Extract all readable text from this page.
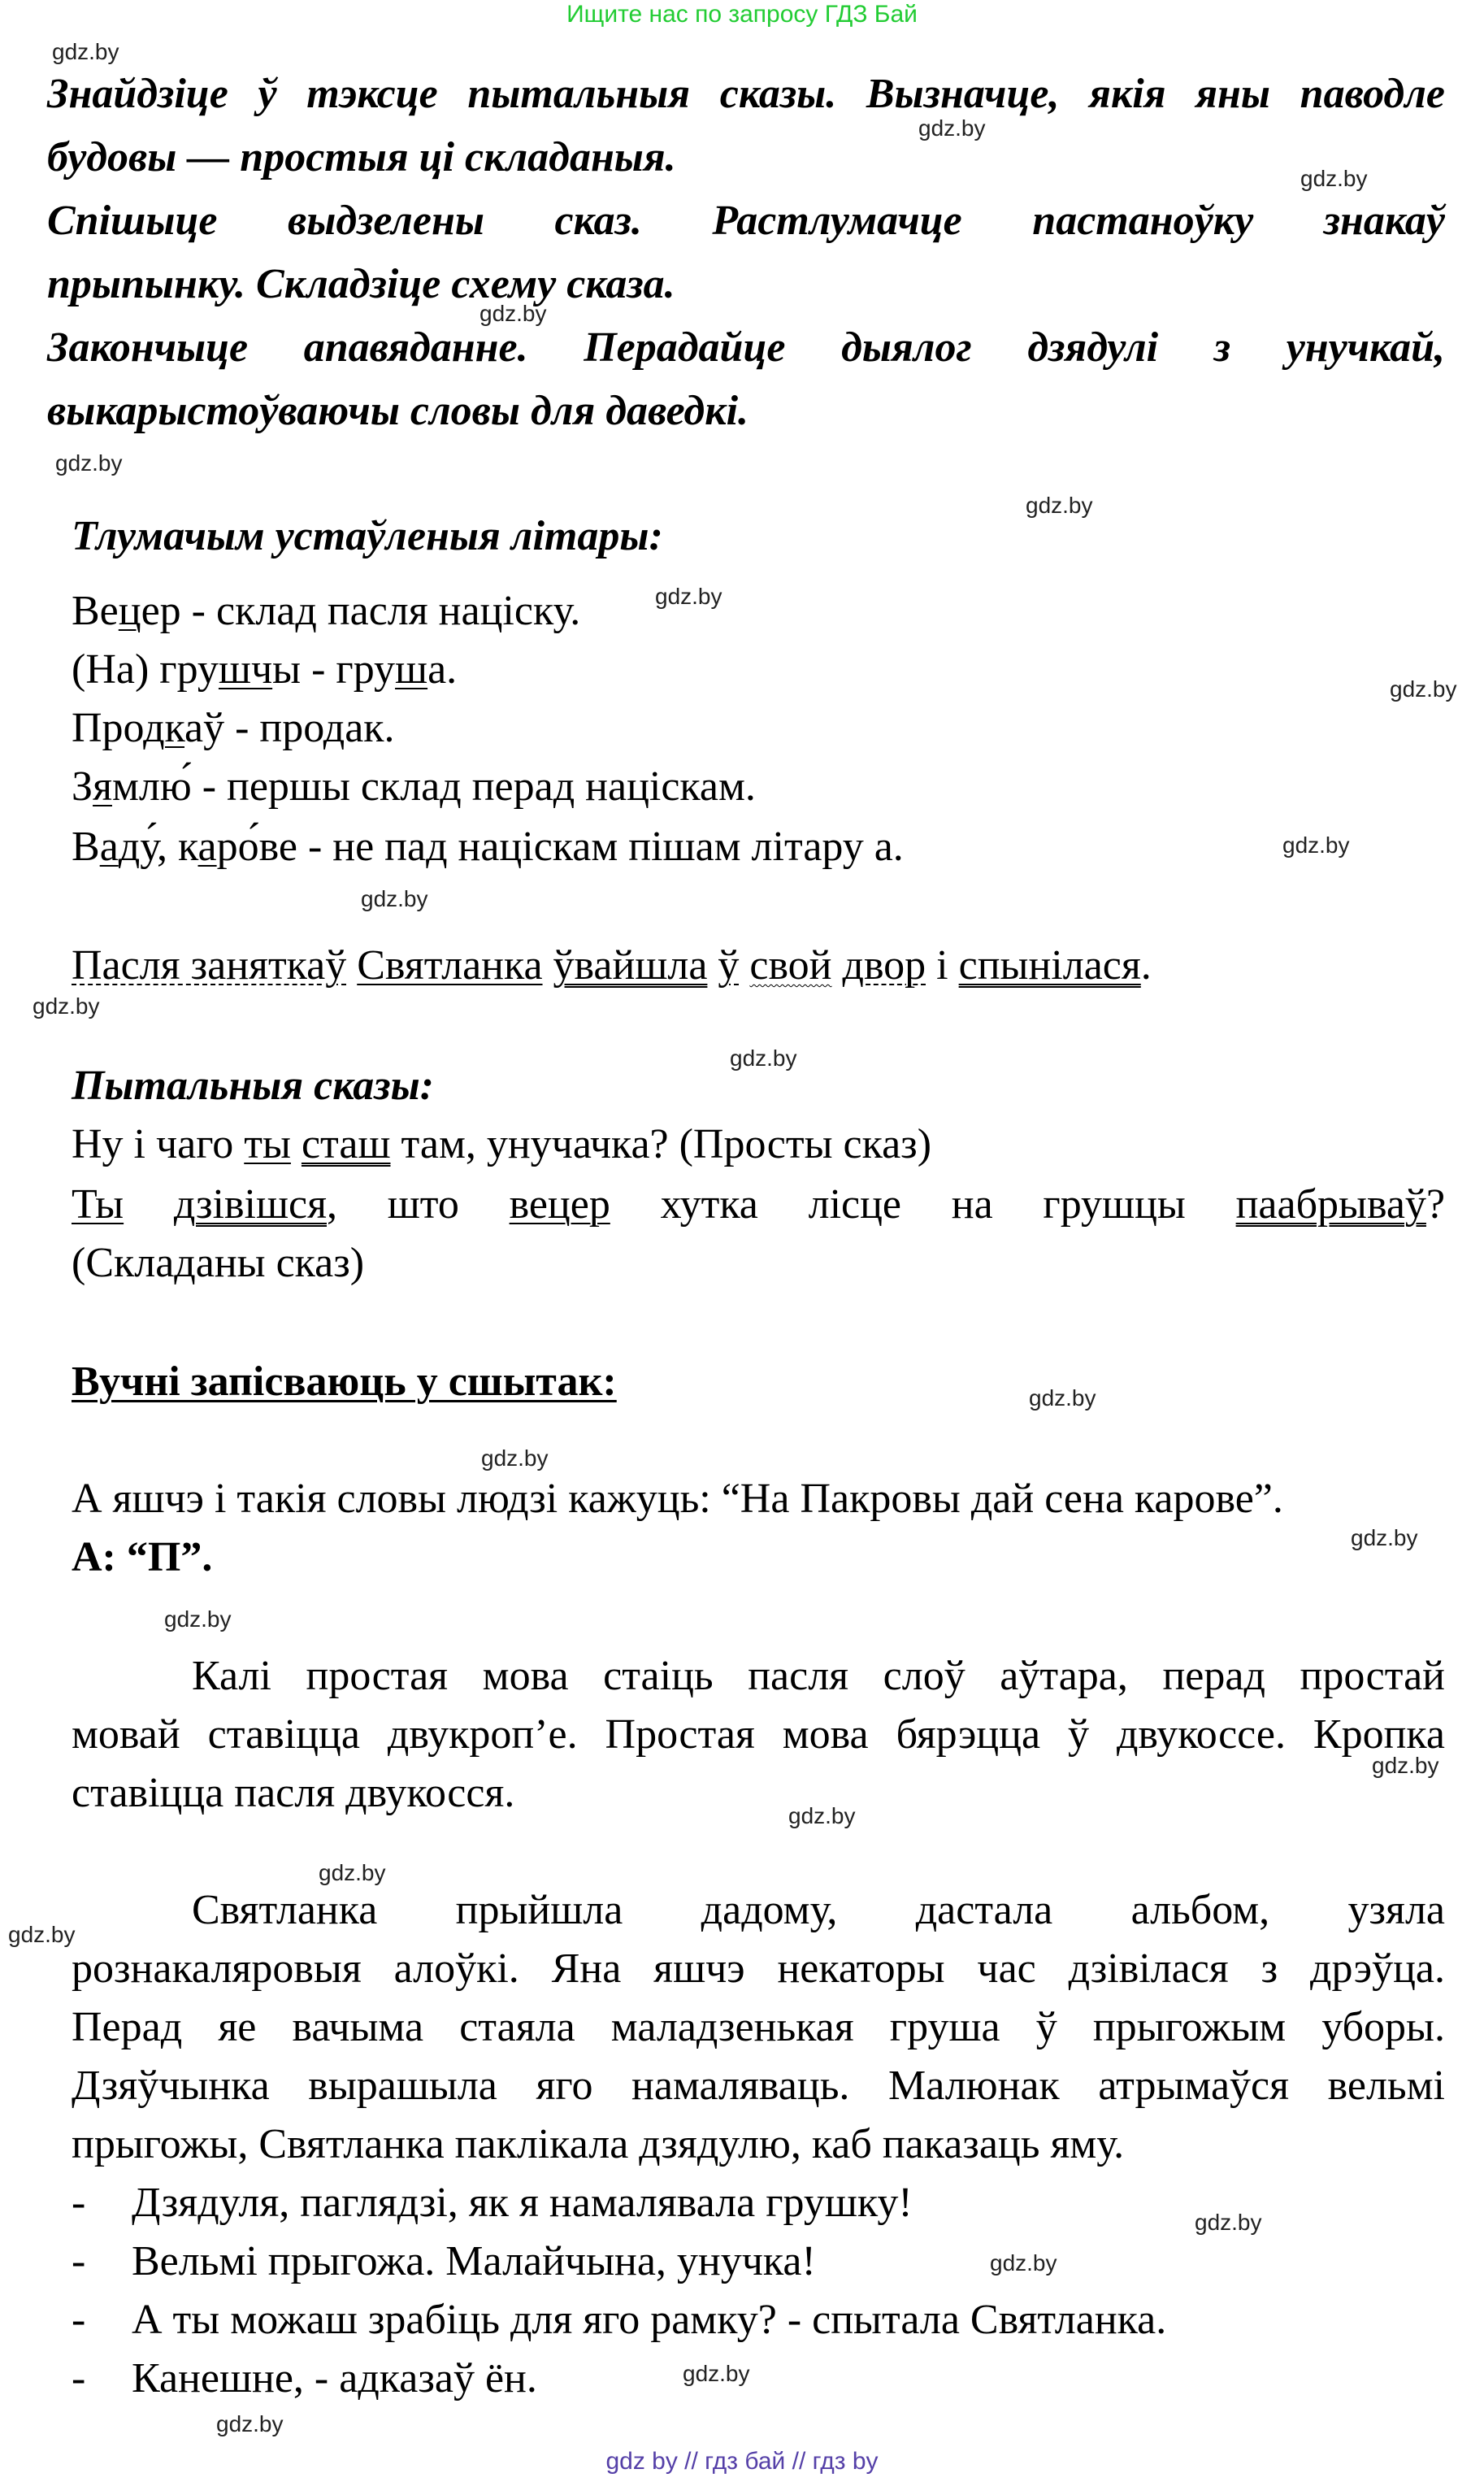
Ищите нас по запросу ГДЗ Бай
Знайдзіце ў тэксце пытальныя сказы. Вызначце, якія яны паводле
будовы — простыя ці складаныя.
Спішыце выдзелены сказ. Растлумачце пастаноўку знакаў
прыпынку. Складзіце схему сказа.
Закончыце апавяданне. Перадайце дыялог дзядулі з унучкай,
выкарыстоўваючы словы для даведкі.
Тлумачым устаўленыя літары:
Вецер - склад пасля націску.
(На) грушчы - груша.
Продкаў - продак.
Зямлю́ - першы склад перад націскам.
Ваду́, каро́ве - не пад націскам пішам літару а.
Пасля заняткаў Святланка ўвайшла ў свой двор і спынілася.
Пытальныя сказы:
Ну і чаго ты сташ там, унучачка? (Просты сказ)
Ты дзівішся, што вецер хутка лісце на грушцы паабрываў?
(Складаны сказ)
Вучні запісваюць у сшытак:
А яшчэ і такія словы людзі кажуць: “На Пакровы дай сена карове”.
А: “П”.
Калі простая мова стаіць пасля слоў аўтара, перад простай
мовай ставіцца двукроп’е. Простая мова бярэцца ў двукоссе. Кропка
ставіцца пасля двукосся.
Святланка прыйшла дадому, дастала альбом, узяла
рознакаляровыя алоўкі. Яна яшчэ некаторы час дзівілася з дрэўца.
Перад яе вачыма стаяла маладзенькая груша ў прыгожым уборы.
Дзяўчынка вырашыла яго намаляваць. Малюнак атрымаўся вельмі
прыгожы, Святланка паклікала дзядулю, каб паказаць яму.
- Дзядуля, паглядзі, як я намалявала грушку!
- Вельмі прыгожа. Малайчына, унучка!
- А ты можаш зрабіць для яго рамку? - спытала Святланка.
- Канешне, - адказаў ён.
gdz.by
gdz.by
gdz.by
gdz.by
gdz.by
gdz.by
gdz.by
gdz.by
gdz.by
gdz.by
gdz.by
gdz.by
gdz.by
gdz.by
gdz.by
gdz.by
gdz.by
gdz.by
gdz.by
gdz.by
gdz.by
gdz.by
gdz.by
gdz.by
gdz by // гдз бай // гдз by
